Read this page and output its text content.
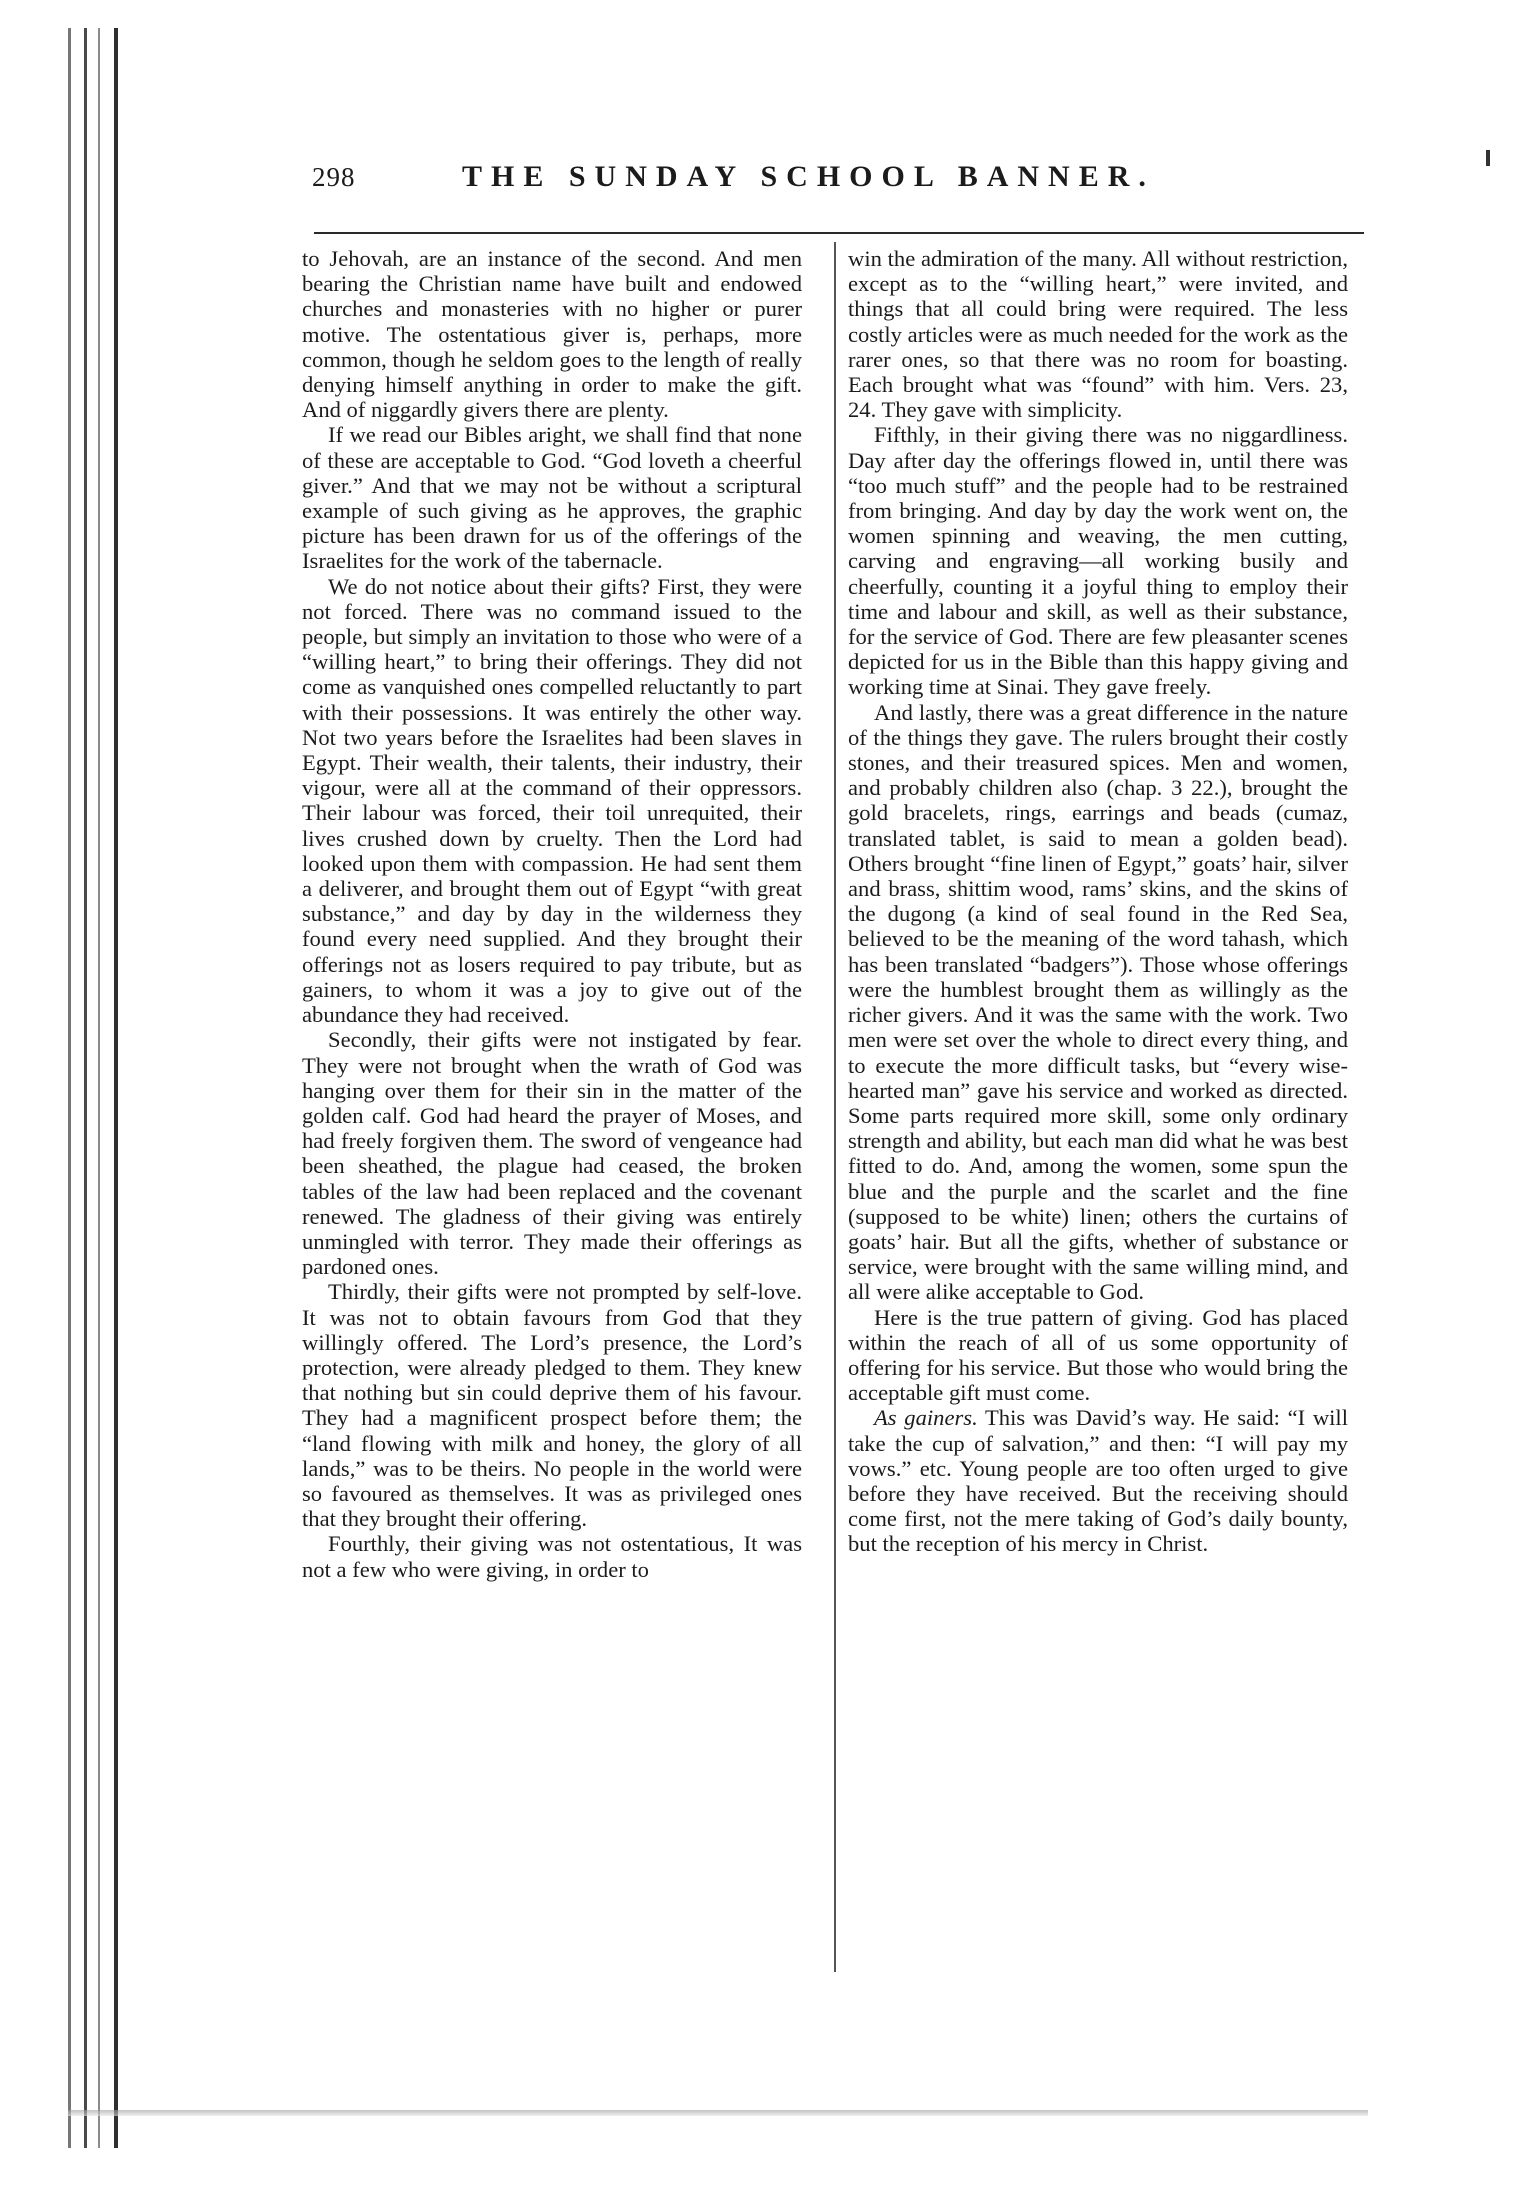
298	THE SUNDAY SCHOOL BANNER.

to Jehovah, are an instance of the second. And men bearing the Christian name have built and endowed churches and monasteries with no higher or purer motive. The ostentatious giver is, perhaps, more common, though he seldom goes to the length of really denying himself anything in order to make the gift. And of niggardly givers there are plenty.

If we read our Bibles aright, we shall find that none of these are acceptable to God. “God loveth a cheerful giver.” And that we may not be without a scriptural example of such giving as he approves, the graphic picture has been drawn for us of the offerings of the Israelites for the work of the tabernacle.

We do not notice about their gifts? First, they were not forced. There was no command issued to the people, but simply an invitation to those who were of a “willing heart,” to bring their offerings. They did not come as vanquished ones compelled reluctantly to part with their possessions. It was entirely the other way. Not two years before the Israelites had been slaves in Egypt. Their wealth, their talents, their industry, their vigour, were all at the command of their oppressors. Their labour was forced, their toil unrequited, their lives crushed down by cruelty. Then the Lord had looked upon them with compassion. He had sent them a deliverer, and brought them out of Egypt “with great substance,” and day by day in the wilderness they found every need supplied. And they brought their offerings not as losers required to pay tribute, but as gainers, to whom it was a joy to give out of the abundance they had received.

Secondly, their gifts were not instigated by fear. They were not brought when the wrath of God was hanging over them for their sin in the matter of the golden calf. God had heard the prayer of Moses, and had freely forgiven them. The sword of vengeance had been sheathed, the plague had ceased, the broken tables of the law had been replaced and the covenant renewed. The gladness of their giving was entirely unmingled with terror. They made their offerings as pardoned ones.

Thirdly, their gifts were not prompted by self-love. It was not to obtain favours from God that they willingly offered. The Lord’s presence, the Lord’s protection, were already pledged to them. They knew that nothing but sin could deprive them of his favour. They had a magnificent prospect before them; the “land flowing with milk and honey, the glory of all lands,” was to be theirs. No people in the world were so favoured as themselves. It was as privileged ones that they brought their offering.

Fourthly, their giving was not ostentatious, It was not a few who were giving, in order to

win the admiration of the many. All without restriction, except as to the “willing heart,” were invited, and things that all could bring were required. The less costly articles were as much needed for the work as the rarer ones, so that there was no room for boasting. Each brought what was “found” with him. Vers. 23, 24. They gave with simplicity.

Fifthly, in their giving there was no niggardliness. Day after day the offerings flowed in, until there was “too much stuff” and the people had to be restrained from bringing. And day by day the work went on, the women spinning and weaving, the men cutting, carving and engraving—all working busily and cheerfully, counting it a joyful thing to employ their time and labour and skill, as well as their substance, for the service of God. There are few pleasanter scenes depicted for us in the Bible than this happy giving and working time at Sinai. They gave freely.

And lastly, there was a great difference in the nature of the things they gave. The rulers brought their costly stones, and their treasured spices. Men and women, and probably children also (chap. 3 22.), brought the gold bracelets, rings, earrings and beads (cumaz, translated tablet, is said to mean a golden bead). Others brought “fine linen of Egypt,” goats’ hair, silver and brass, shittim wood, rams’ skins, and the skins of the dugong (a kind of seal found in the Red Sea, believed to be the meaning of the word tahash, which has been translated “badgers”). Those whose offerings were the humblest brought them as willingly as the richer givers. And it was the same with the work. Two men were set over the whole to direct every thing, and to execute the more difficult tasks, but “every wise-hearted man” gave his service and worked as directed. Some parts required more skill, some only ordinary strength and ability, but each man did what he was best fitted to do. And, among the women, some spun the blue and the purple and the scarlet and the fine (supposed to be white) linen; others the curtains of goats’ hair. But all the gifts, whether of substance or service, were brought with the same willing mind, and all were alike acceptable to God.

Here is the true pattern of giving. God has placed within the reach of all of us some opportunity of offering for his service. But those who would bring the acceptable gift must come.

As gainers. This was David’s way. He said: “I will take the cup of salvation,” and then: “I will pay my vows.” etc. Young people are too often urged to give before they have received. But the receiving should come first, not the mere taking of God’s daily bounty, but the reception of his mercy in Christ.
